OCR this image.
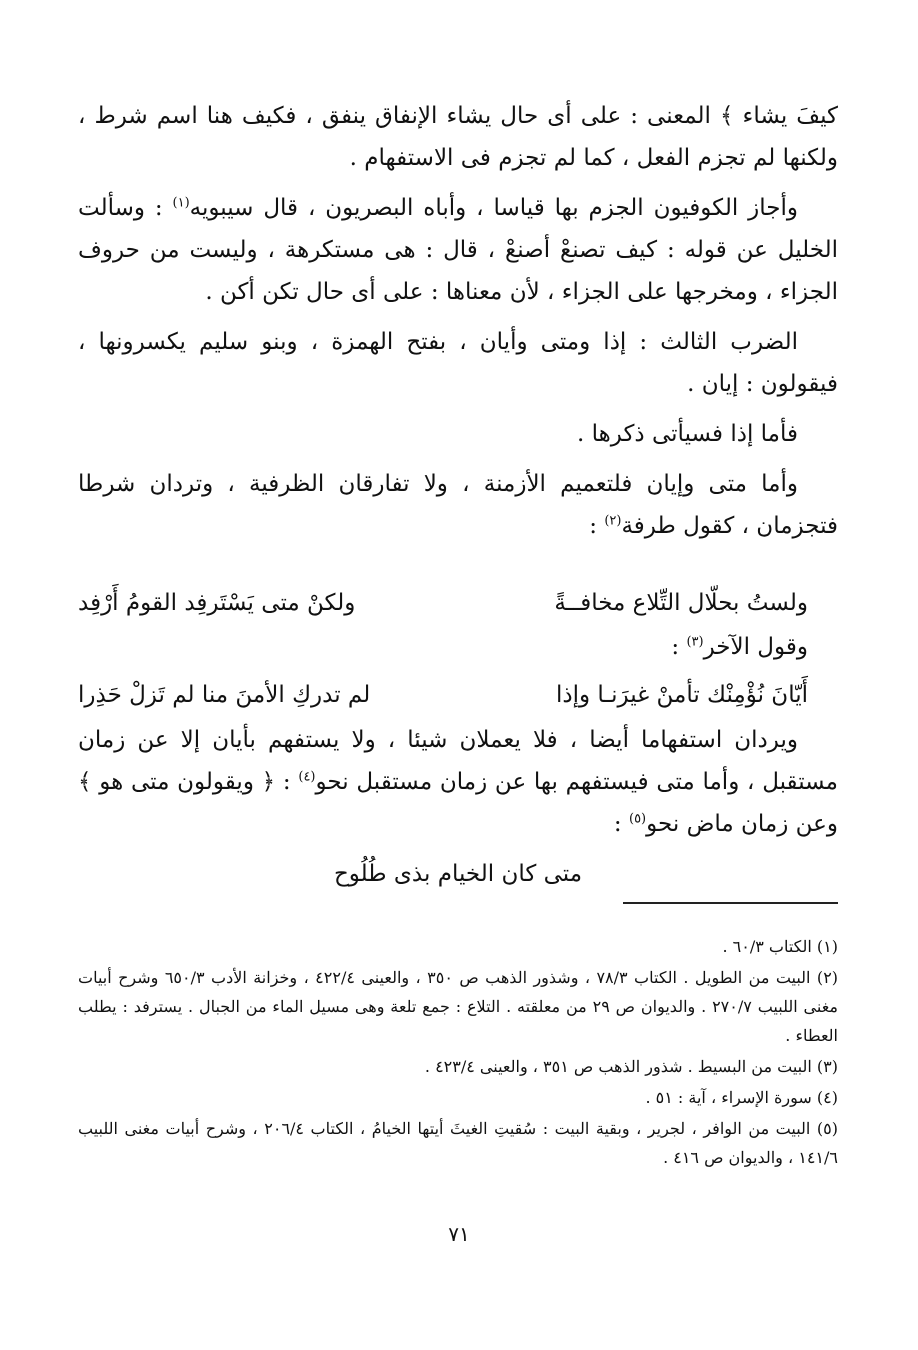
كيفَ يشاء ﴾ المعنى : على أى حال يشاء الإنفاق ينفق ، فكيف هنا اسم شرط ، ولكنها لم تجزم الفعل ، كما لم تجزم فى الاستفهام .

وأجاز الكوفيون الجزم بها قياسا ، وأباه البصريون ، قال سيبويه$^{(١)}$ : وسألت الخليل عن قوله : كيف تصنعْ أصنعْ ، قال : هى مستكرهة ، وليست من حروف الجزاء ، ومخرجها على الجزاء ، لأن معناها : على أى حال تكن أكن .

الضرب الثالث : إذا ومتى وأيان ، بفتح الهمزة ، وبنو سليم يكسرونها ، فيقولون : إيان .

فأما إذا فسيأتى ذكرها .

وأما متى وإيان فلتعميم الأزمنة ، ولا تفارقان الظرفية ، وتردان شرطا فتجزمان ، كقول طرفة$^{(٢)}$ :

ولستُ بحلّال التِّلاع مخافــةً
ولكنْ متى يَسْتَرفِد القومُ أَرْفِد
وقول الآخر$^{(٣)}$ :
أَيّانَ نُؤْمِنْك تأمنْ غيرَنـا وإذا
لم تدركِ الأمنَ منا لم تَزلْ حَذِرا

ويردان استفهاما أيضا ، فلا يعملان شيئا ، ولا يستفهم بأيان إلا عن زمان مستقبل ، وأما متى فيستفهم بها عن زمان مستقبل نحو$^{(٤)}$ : ﴿ ويقولون متى هو ﴾ وعن زمان ماض نحو$^{(٥)}$ :

متى كان الخيام بذى طُلُوح

(١) الكتاب ٦٠/٣ .

(٢) البيت من الطويل . الكتاب ٧٨/٣ ، وشذور الذهب ص ٣٥٠ ، والعينى ٤٢٢/٤ ، وخزانة الأدب ٦٥٠/٣ وشرح أبيات مغنى اللبيب ٢٧٠/٧ . والديوان ص ٢٩ من معلقته . التلاع : جمع تلعة وهى مسيل الماء من الجبال . يسترفد : يطلب العطاء .

(٣) البيت من البسيط . شذور الذهب ص ٣٥١ ، والعينى ٤٢٣/٤ .

(٤) سورة الإسراء ، آية : ٥١ .

(٥) البيت من الوافر ، لجرير ، وبقية البيت : سُقيتِ الغيثَ أيتها الخيامُ ، الكتاب ٢٠٦/٤ ، وشرح أبيات مغنى اللبيب ١٤١/٦ ، والديوان ص ٤١٦ .

٧١
